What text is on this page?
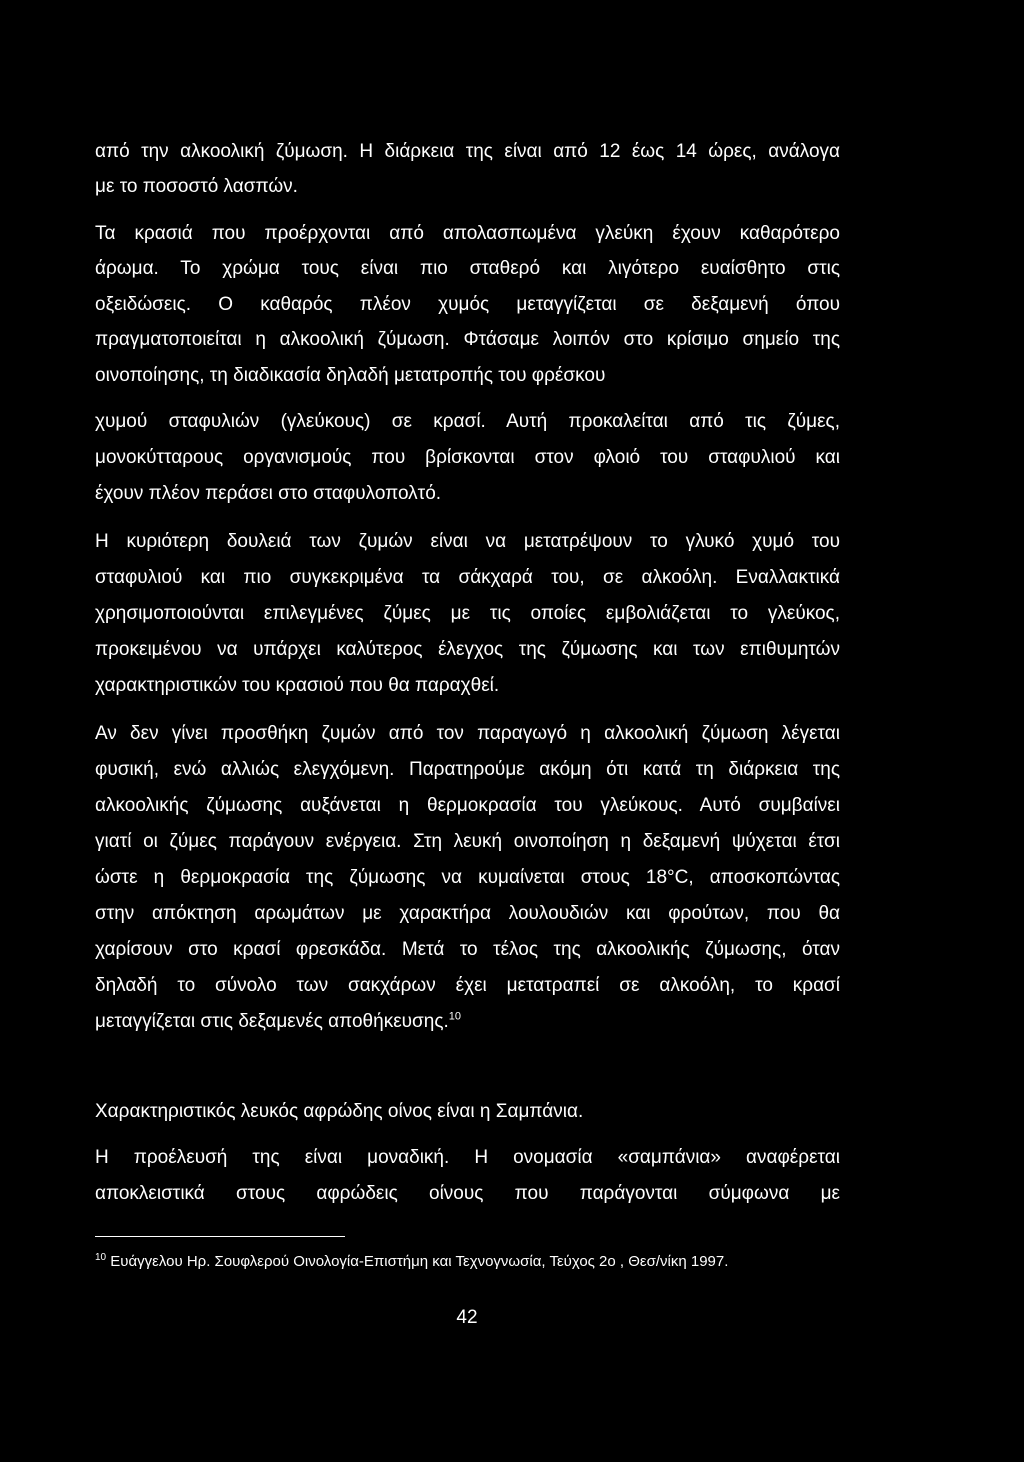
από την αλκοολική ζύμωση. Η διάρκεια της είναι από 12 έως 14 ώρες, ανάλογα
με το ποσοστό λασπών.
Τα κρασιά που προέρχονται από απολασπωμένα γλεύκη έχουν καθαρότερο
άρωμα. Το χρώμα τους είναι πιο σταθερό και λιγότερο ευαίσθητο στις
οξειδώσεις. Ο καθαρός πλέον χυμός μεταγγίζεται σε δεξαμενή όπου
πραγματοποιείται η αλκοολική ζύμωση. Φτάσαμε λοιπόν στο κρίσιμο σημείο της
οινοποίησης, τη διαδικασία δηλαδή μετατροπής του φρέσκου
χυμού σταφυλιών (γλεύκους) σε κρασί. Αυτή προκαλείται από τις ζύμες,
μονοκύτταρους οργανισμούς που βρίσκονται στον φλοιό του σταφυλιού και
έχουν πλέον περάσει στο σταφυλοπολτό.
Η κυριότερη δουλειά των ζυμών είναι να μετατρέψουν το γλυκό χυμό του
σταφυλιού και πιο συγκεκριμένα τα σάκχαρά του, σε αλκοόλη. Εναλλακτικά
χρησιμοποιούνται επιλεγμένες ζύμες με τις οποίες εμβολιάζεται το γλεύκος,
προκειμένου να υπάρχει καλύτερος έλεγχος της ζύμωσης και των επιθυμητών
χαρακτηριστικών του κρασιού που θα παραχθεί.
Αν δεν γίνει προσθήκη ζυμών από τον παραγωγό η αλκοολική ζύμωση λέγεται
φυσική, ενώ αλλιώς ελεγχόμενη. Παρατηρούμε ακόμη ότι κατά τη διάρκεια της
αλκοολικής ζύμωσης αυξάνεται η θερμοκρασία του γλεύκους. Αυτό συμβαίνει
γιατί οι ζύμες παράγουν ενέργεια. Στη λευκή οινοποίηση η δεξαμενή ψύχεται έτσι
ώστε η θερμοκρασία της ζύμωσης να κυμαίνεται στους 18°C, αποσκοπώντας
στην απόκτηση αρωμάτων με χαρακτήρα λουλουδιών και φρούτων, που θα
χαρίσουν στο κρασί φρεσκάδα. Μετά το τέλος της αλκοολικής ζύμωσης, όταν
δηλαδή το σύνολο των σακχάρων έχει μετατραπεί σε αλκοόλη, το κρασί
μεταγγίζεται στις δεξαμενές αποθήκευσης.$^{10}$
Χαρακτηριστικός λευκός αφρώδης οίνος είναι η Σαμπάνια.
Η προέλευσή της είναι μοναδική. Η ονομασία «σαμπάνια» αναφέρεται
αποκλειστικά στους αφρώδεις οίνους που παράγονται σύμφωνα με
$^{10}$ Ευάγγελου Ηρ. Σουφλερού Οινολογία-Επιστήμη και Τεχνογνωσία, Τεύχος 2ο , Θεσ/νίκη 1997.
42
